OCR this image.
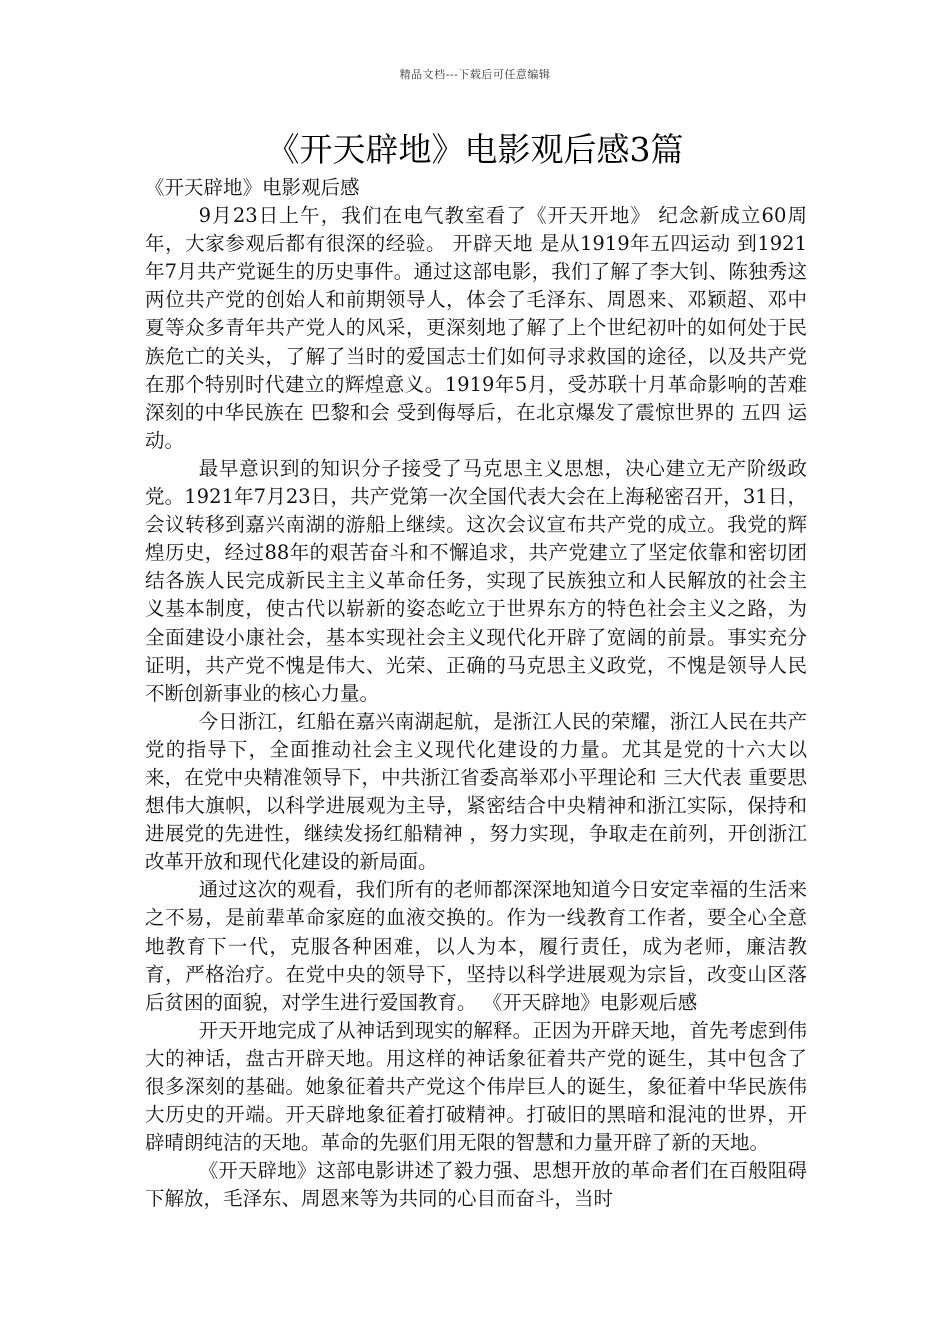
精品文档---下载后可任意编辑
《开天辟地》电影观后感3篇

《开天辟地》电影观后感

9月23日上午，我们在电气教室看了《开天开地》 纪念新成立60周年，大家参观后都有很深的经验。 开辟天地 是从1919年五四运动 到1921年7月共产党诞生的历史事件。通过这部电影，我们了解了李大钊、陈独秀这两位共产党的创始人和前期领导人，体会了毛泽东、周恩来、邓颖超、邓中夏等众多青年共产党人的风采，更深刻地了解了上个世纪初叶的如何处于民族危亡的关头，了解了当时的爱国志士们如何寻求救国的途径，以及共产党在那个特别时代建立的辉煌意义。1919年5月，受苏联十月革命影响的苦难深刻的中华民族在 巴黎和会 受到侮辱后，在北京爆发了震惊世界的 五四 运动。

最早意识到的知识分子接受了马克思主义思想，决心建立无产阶级政党。1921年7月23日，共产党第一次全国代表大会在上海秘密召开，31日，会议转移到嘉兴南湖的游船上继续。这次会议宣布共产党的成立。我党的辉煌历史，经过88年的艰苦奋斗和不懈追求，共产党建立了坚定依靠和密切团结各族人民完成新民主主义革命任务，实现了民族独立和人民解放的社会主义基本制度，使古代以崭新的姿态屹立于世界东方的特色社会主义之路，为全面建设小康社会，基本实现社会主义现代化开辟了宽阔的前景。事实充分证明，共产党不愧是伟大、光荣、正确的马克思主义政党，不愧是领导人民不断创新事业的核心力量。

今日浙江，红船在嘉兴南湖起航，是浙江人民的荣耀，浙江人民在共产党的指导下，全面推动社会主义现代化建设的力量。尤其是党的十六大以来，在党中央精准领导下，中共浙江省委高举邓小平理论和 三大代表 重要思想伟大旗帜，以科学进展观为主导，紧密结合中央精神和浙江实际，保持和进展党的先进性，继续发扬红船精神 ，努力实现，争取走在前列，开创浙江改革开放和现代化建设的新局面。

通过这次的观看，我们所有的老师都深深地知道今日安定幸福的生活来之不易，是前辈革命家庭的血液交换的。作为一线教育工作者，要全心全意地教育下一代，克服各种困难，以人为本，履行责任，成为老师，廉洁教育，严格治疗。在党中央的领导下，坚持以科学进展观为宗旨，改变山区落后贫困的面貌，对学生进行爱国教育。 《开天辟地》电影观后感

开天开地完成了从神话到现实的解释。正因为开辟天地，首先考虑到伟大的神话，盘古开辟天地。用这样的神话象征着共产党的诞生，其中包含了很多深刻的基础。她象征着共产党这个伟岸巨人的诞生，象征着中华民族伟大历史的开端。开天辟地象征着打破精神。打破旧的黑暗和混沌的世界，开辟晴朗纯洁的天地。革命的先驱们用无限的智慧和力量开辟了新的天地。

《开天辟地》这部电影讲述了毅力强、思想开放的革命者们在百般阻碍下解放，毛泽东、周恩来等为共同的心目而奋斗，当时
